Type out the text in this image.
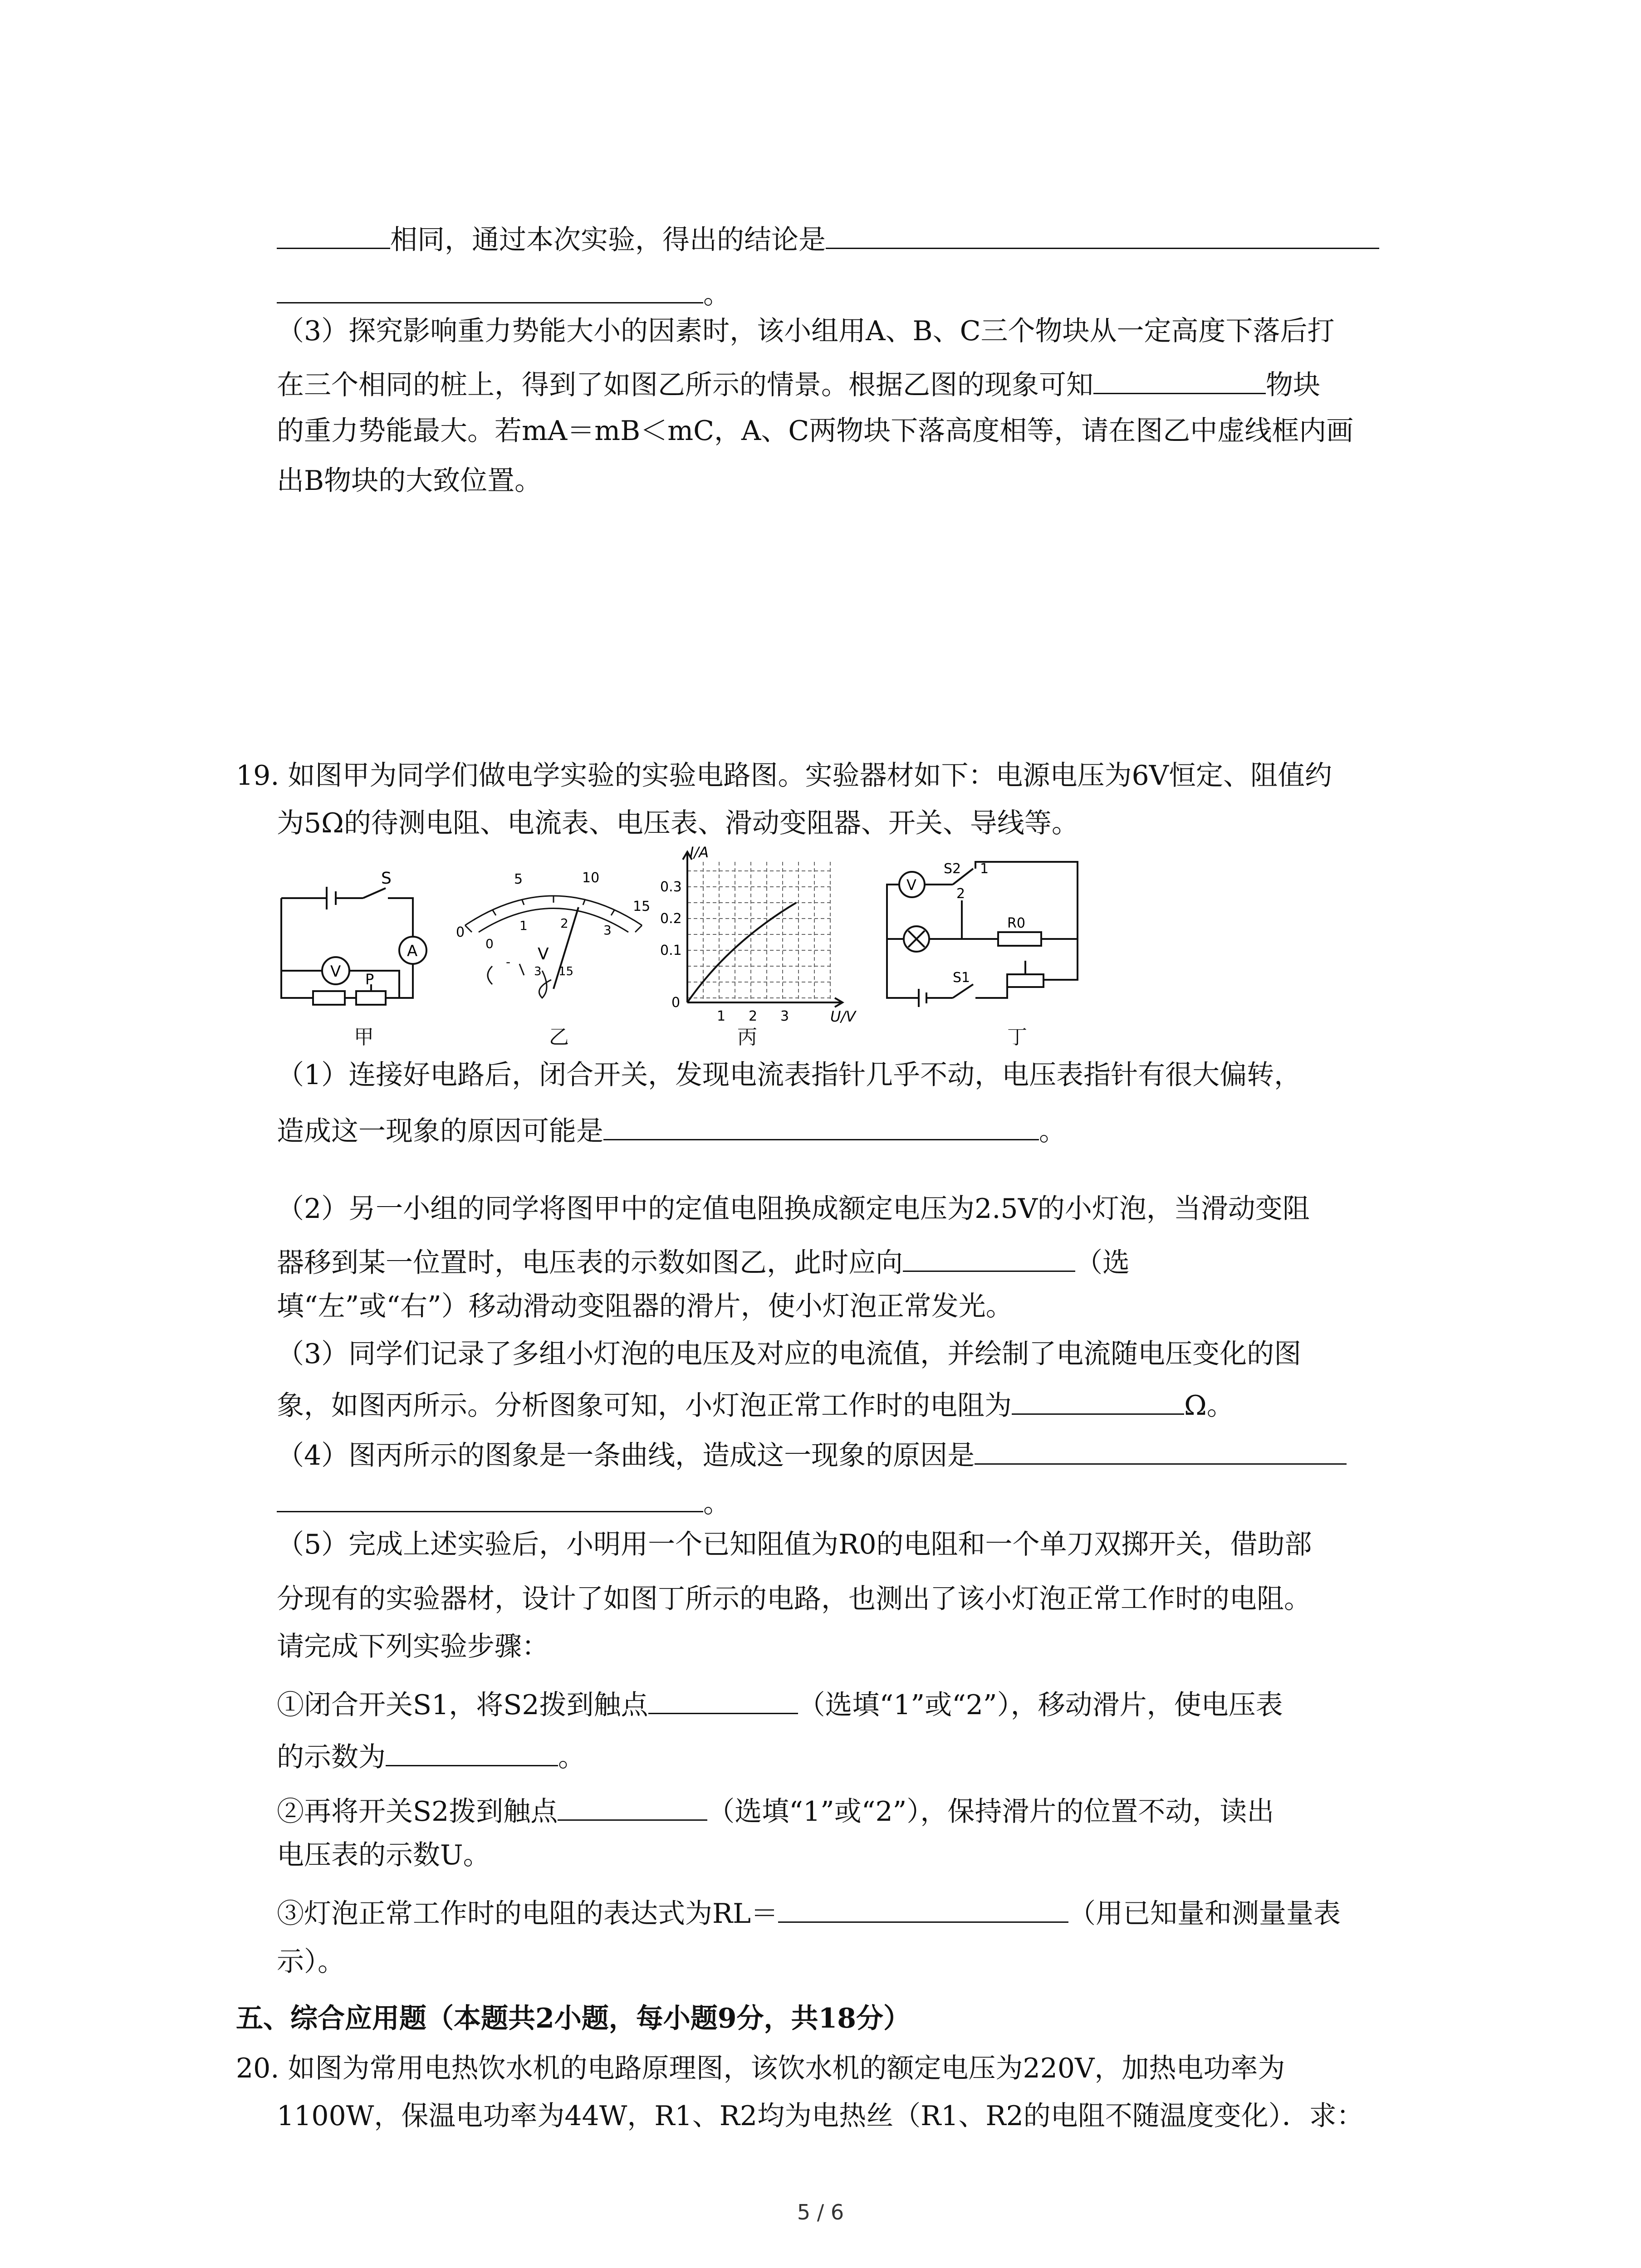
相同，通过本次实验，得出的结论是
。
（3）探究影响重力势能大小的因素时，该小组用A、B、C三个物块从一定高度下落后打
在三个相同的桩上，得到了如图乙所示的情景。根据乙图的现象可知	物块
的重力势能最大。若mA＝mB＜mC，A、C两物块下落高度相等，请在图乙中虚线框内画
出B物块的大致位置。
19. 如图甲为同学们做电学实验的实验电路图。实验器材如下：电源电压为6V恒定、阻值约
为5Ω的待测电阻、电流表、电压表、滑动变阻器、开关、导线等。
S
A
V P
甲
0
5	10
15
0
1	2	3
V
-
3 15
乙
I/A
0.3
0.2
0.1
0
1 2 3	U/V
丙
V
S2 1
2
R0
S1
丁
（1）连接好电路后，闭合开关，发现电流表指针几乎不动，电压表指针有很大偏转，
造成这一现象的原因可能是	。
（2）另一小组的同学将图甲中的定值电阻换成额定电压为2.5V的小灯泡，当滑动变阻
器移到某一位置时，电压表的示数如图乙，此时应向	（选
填“左”或“右”）移动滑动变阻器的滑片，使小灯泡正常发光。
（3）同学们记录了多组小灯泡的电压及对应的电流值，并绘制了电流随电压变化的图
象，如图丙所示。分析图象可知，小灯泡正常工作时的电阻为	Ω。
（4）图丙所示的图象是一条曲线，造成这一现象的原因是
。
（5）完成上述实验后，小明用一个已知阻值为R0的电阻和一个单刀双掷开关，借助部
分现有的实验器材，设计了如图丁所示的电路，也测出了该小灯泡正常工作时的电阻。
请完成下列实验步骤：
①闭合开关S1，将S2拨到触点	（选填“1”或“2”），移动滑片，使电压表
的示数为	。
②再将开关S2拨到触点	（选填“1”或“2”），保持滑片的位置不动，读出
电压表的示数U。
③灯泡正常工作时的电阻的表达式为RL＝	（用已知量和测量量表
示）。
五、综合应用题（本题共2小题，每小题9分，共18分）
20. 如图为常用电热饮水机的电路原理图，该饮水机的额定电压为220V，加热电功率为
1100W，保温电功率为44W，R1、R2均为电热丝（R1、R2的电阻不随温度变化）．求：
5 / 6
